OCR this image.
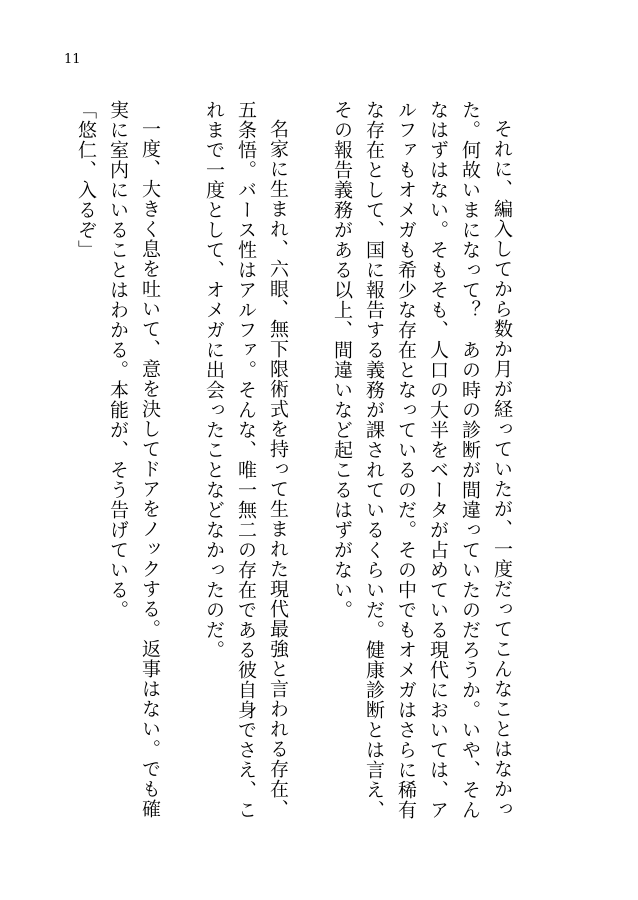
11

それに、編入してから数か月が経っていたが、一度だってこんなことはなかった。何故いまになって？　あの時の診断が間違っていたのだろうか。いや、そんなはずはない。そもそも、人口の大半をベータが占めている現代においては、アルファもオメガも希少な存在となっているのだ。その中でもオメガはさらに稀有な存在として、国に報告する義務が課されているくらいだ。健康診断とは言え、その報告義務がある以上、間違いなど起こるはずがない。

名家に生まれ、六眼、無下限術式を持って生まれた現代最強と言われる存在、五条悟。バース性はアルファ。そんな、唯一無二の存在である彼自身でさえ、これまで一度として、オメガに出会ったことなどなかったのだ。

一度、大きく息を吐いて、意を決してドアをノックする。返事はない。でも確実に室内にいることはわかる。本能が、そう告げている。

「悠仁、入るぞ」
